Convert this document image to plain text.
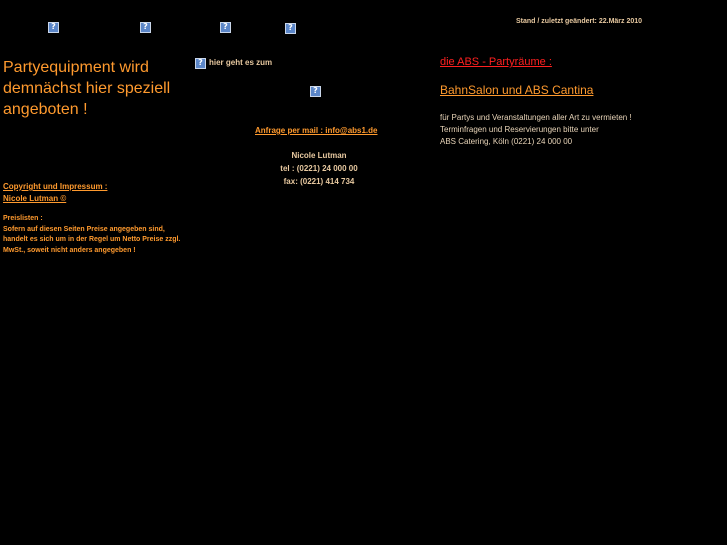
?	?	?	?
Stand / zuletzt geändert: 22.März 2010
Partyequipment wird
demnächst hier speziell
angeboten !
? hier geht es zum
?
die ABS - Partyräume :
BahnSalon und ABS Cantina
für Partys und Veranstaltungen aller Art zu vermieten !
Terminfragen und Reservierungen bitte unter
ABS Catering, Köln (0221) 24 000 00
Anfrage per mail : info@abs1.de
Nicole Lutman
tel : (0221) 24 000 00
fax: (0221) 414 734
Copyright und Impressum :
Nicole Lutman ©
Preislisten :
Sofern auf diesen Seiten Preise angegeben sind,
handelt es sich um in der Regel um Netto Preise zzgl.
MwSt., soweit nicht anders angegeben !
